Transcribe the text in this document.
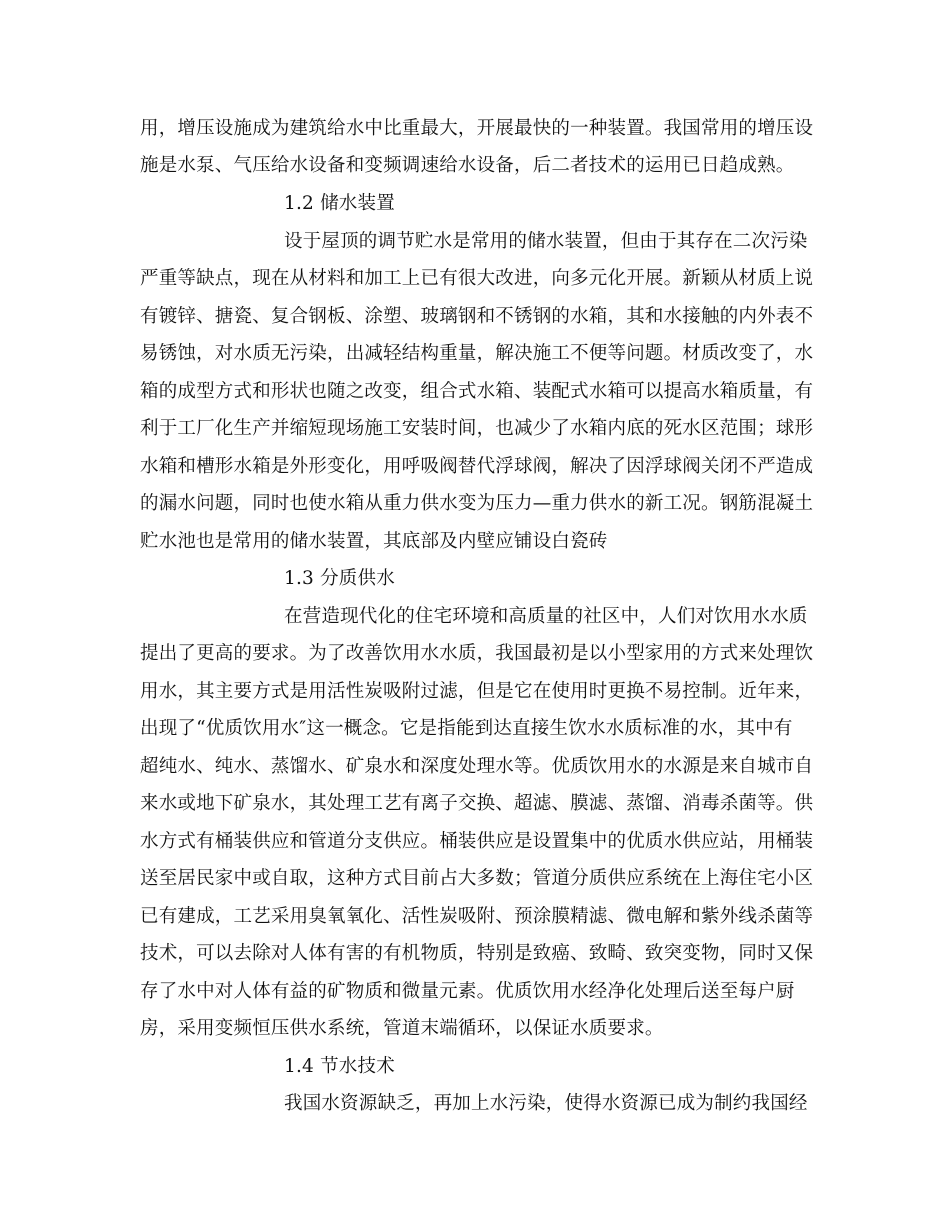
用，增压设施成为建筑给水中比重最大，开展最快的一种装置。我国常用的增压设
施是水泵、气压给水设备和变频调速给水设备，后二者技术的运用已日趋成熟。
1.2 储水装置
设于屋顶的调节贮水是常用的储水装置，但由于其存在二次污染
严重等缺点，现在从材料和加工上已有很大改进，向多元化开展。新颖从材质上说
有镀锌、搪瓷、复合钢板、涂塑、玻璃钢和不锈钢的水箱，其和水接触的内外表不
易锈蚀，对水质无污染，出减轻结构重量，解决施工不便等问题。材质改变了，水
箱的成型方式和形状也随之改变，组合式水箱、装配式水箱可以提高水箱质量，有
利于工厂化生产并缩短现场施工安装时间，也减少了水箱内底的死水区范围；球形
水箱和槽形水箱是外形变化，用呼吸阀替代浮球阀，解决了因浮球阀关闭不严造成
的漏水问题，同时也使水箱从重力供水变为压力—重力供水的新工况。钢筋混凝土
贮水池也是常用的储水装置，其底部及内壁应铺设白瓷砖
1.3 分质供水
在营造现代化的住宅环境和高质量的社区中，人们对饮用水水质
提出了更高的要求。为了改善饮用水水质，我国最初是以小型家用的方式来处理饮
用水，其主要方式是用活性炭吸附过滤，但是它在使用时更换不易控制。近年来，
出现了“优质饮用水″这一概念。它是指能到达直接生饮水水质标准的水，其中有
超纯水、纯水、蒸馏水、矿泉水和深度处理水等。优质饮用水的水源是来自城市自
来水或地下矿泉水，其处理工艺有离子交换、超滤、膜滤、蒸馏、消毒杀菌等。供
水方式有桶装供应和管道分支供应。桶装供应是设置集中的优质水供应站，用桶装
送至居民家中或自取，这种方式目前占大多数；管道分质供应系统在上海住宅小区
已有建成，工艺采用臭氧氧化、活性炭吸附、预涂膜精滤、微电解和紫外线杀菌等
技术，可以去除对人体有害的有机物质，特别是致癌、致畸、致突变物，同时又保
存了水中对人体有益的矿物质和微量元素。优质饮用水经净化处理后送至每户厨
房，采用变频恒压供水系统，管道末端循环，以保证水质要求。
1.4 节水技术
我国水资源缺乏，再加上水污染，使得水资源已成为制约我国经
